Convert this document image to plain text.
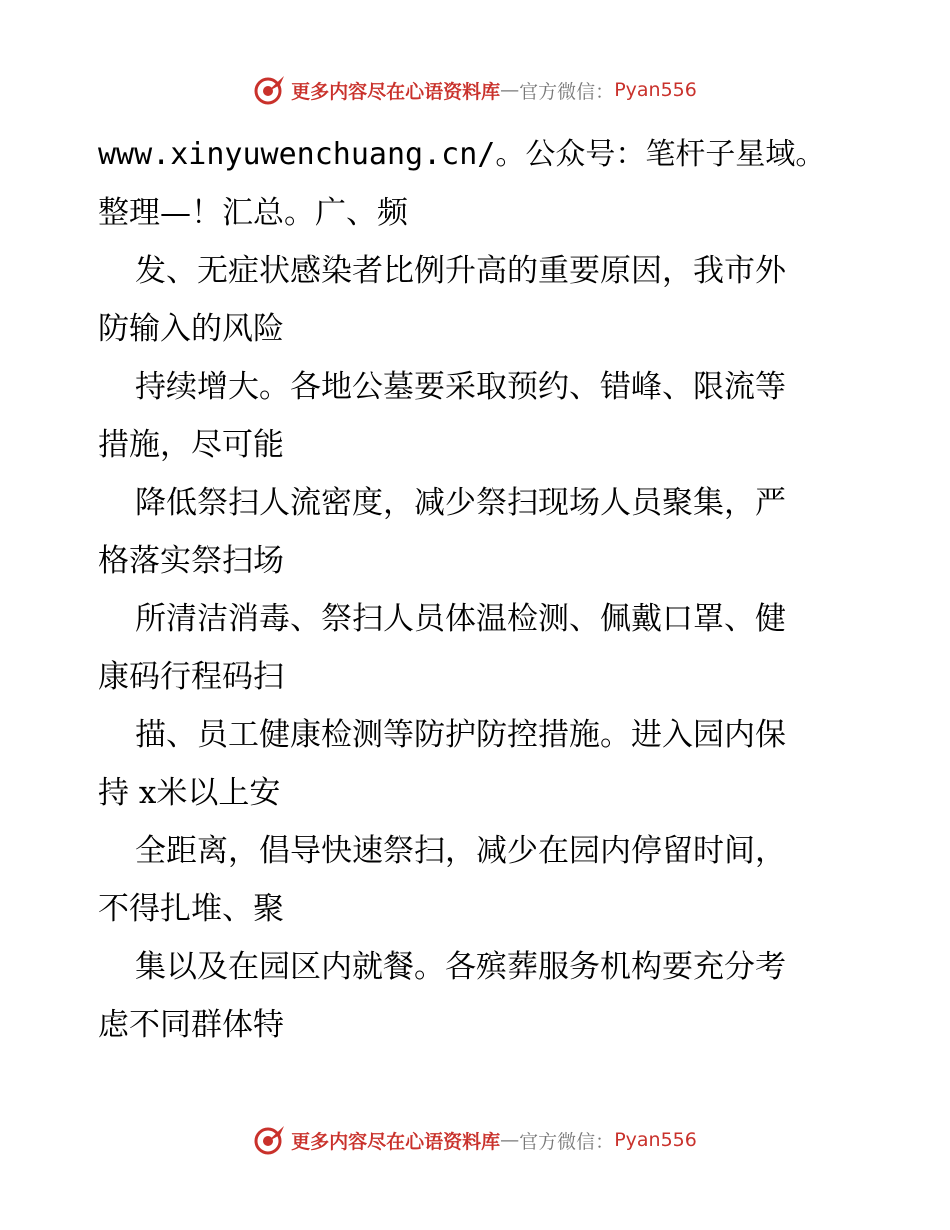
更多内容尽在心语资料库 — 官方微信： Pyan556
www.xinyuwenchuang.cn/。公众号：笔杆子星域。
整理—！汇总。广、频
发、无症状感染者比例升高的重要原因，我市外
防输入的风险
持续增大。各地公墓要采取预约、错峰、限流等
措施，尽可能
降低祭扫人流密度，减少祭扫现场人员聚集，严
格落实祭扫场
所清洁消毒、祭扫人员体温检测、佩戴口罩、健
康码行程码扫
描、员工健康检测等防护防控措施。进入园内保
持 x米以上安
全距离，倡导快速祭扫，减少在园内停留时间，
不得扎堆、聚
集以及在园区内就餐。各殡葬服务机构要充分考
虑不同群体特
更多内容尽在心语资料库 — 官方微信： Pyan556
